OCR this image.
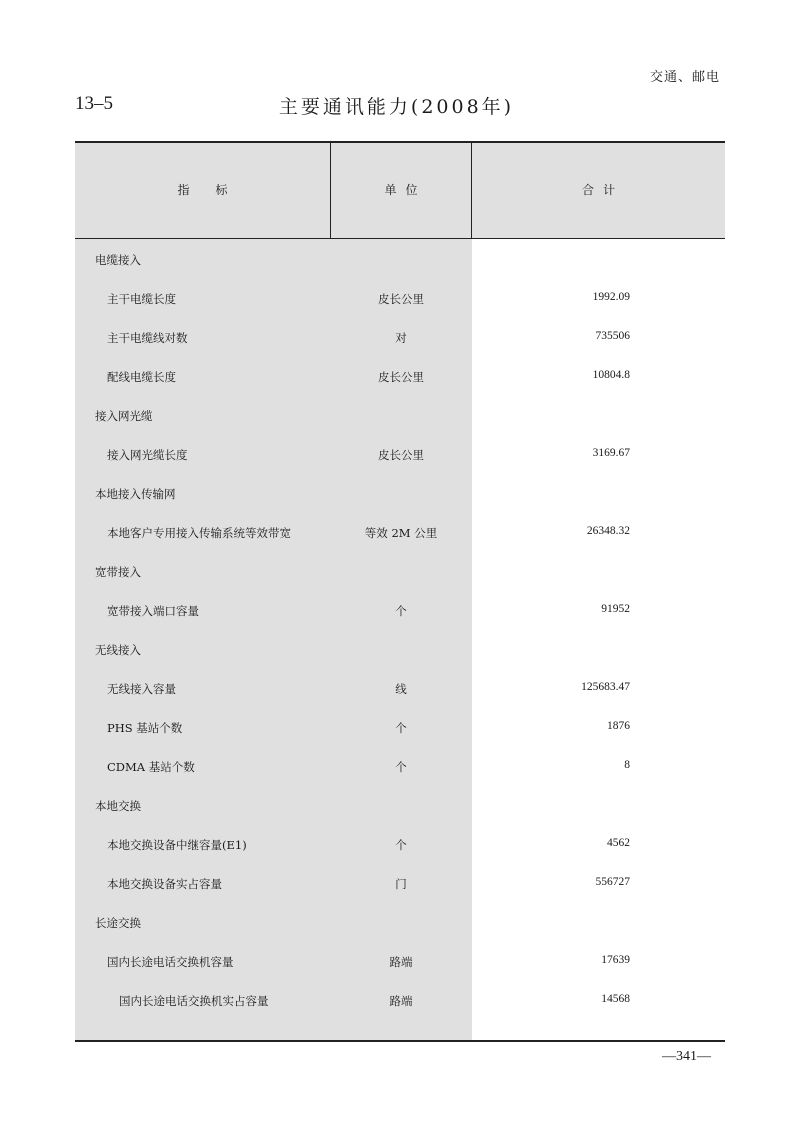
交通、邮电
13–5	主要通讯能力(2008年)
指标	单位	合计
电缆接入
主干电缆长度	皮长公里	1992.09
主干电缆线对数	对	735506
配线电缆长度	皮长公里	10804.8
接入网光缆
接入网光缆长度	皮长公里	3169.67
本地接入传输网
本地客户专用接入传输系统等效带宽	等效 2M 公里	26348.32
宽带接入
宽带接入端口容量	个	91952
无线接入
无线接入容量	线	125683.47
PHS 基站个数	个	1876
CDMA 基站个数	个	8
本地交换
本地交换设备中继容量(E1)	个	4562
本地交换设备实占容量	门	556727
长途交换
国内长途电话交换机容量	路端	17639
国内长途电话交换机实占容量	路端	14568
—341—
